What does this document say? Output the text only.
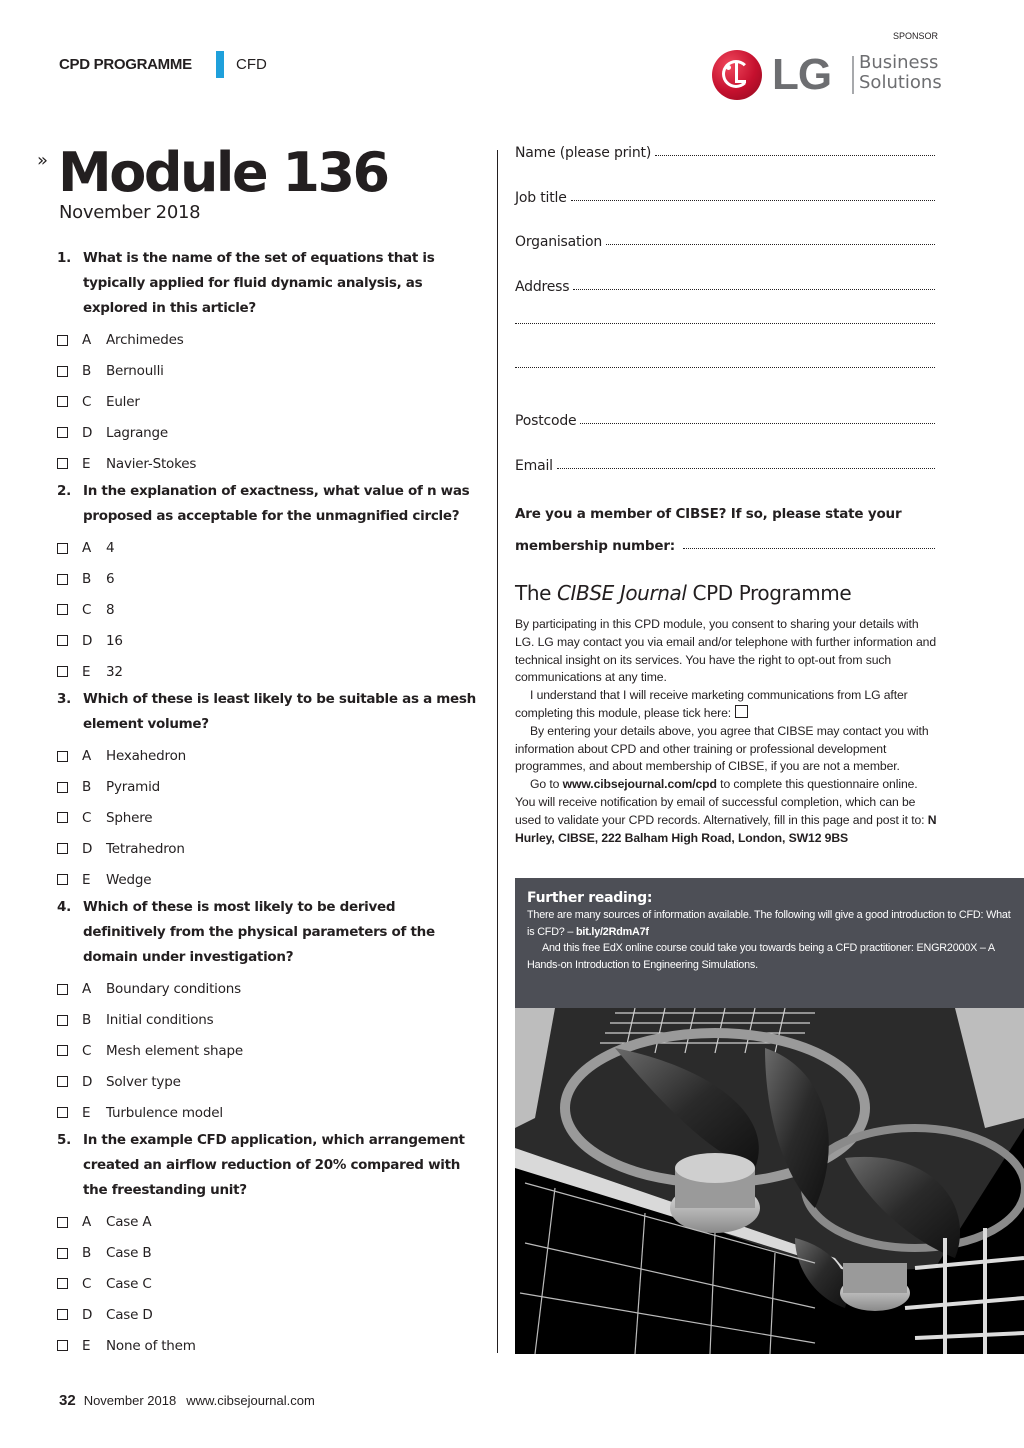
CPD PROGRAMME	CFD
SPONSOR
LG Business
Solutions
» Module 136
November 2018
1. What is the name of the set of equations that is typically applied for fluid dynamic analysis, as explored in this article?
A	Archimedes
B	Bernoulli
C	Euler
D	Lagrange
E	Navier-Stokes
2. In the explanation of exactness, what value of n was proposed as acceptable for the unmagnified circle?
A	4
B	6
C	8
D	16
E	32
3. Which of these is least likely to be suitable as a mesh element volume?
A	Hexahedron
B	Pyramid
C	Sphere
D	Tetrahedron
E	Wedge
4. Which of these is most likely to be derived definitively from the physical parameters of the domain under investigation?
A	Boundary conditions
B	Initial conditions
C	Mesh element shape
D	Solver type
E	Turbulence model
5. In the example CFD application, which arrangement created an airflow reduction of 20% compared with the freestanding unit?
A	Case A
B	Case B
C	Case C
D	Case D
E	None of them
Name (please print)
Job title
Organisation
Address
Postcode
Email
Are you a member of CIBSE? If so, please state your
membership number:
The CIBSE Journal CPD Programme

By participating in this CPD module, you consent to sharing your details with LG. LG may contact you via email and/or telephone with further information and technical insight on its services. You have the right to opt-out from such communications at any time.

I understand that I will receive marketing communications from LG after completing this module, please tick here:

By entering your details above, you agree that CIBSE may contact you with information about CPD and other training or professional development programmes, and about membership of CIBSE, if you are not a member.

Go to www.cibsejournal.com/cpd to complete this questionnaire online. You will receive notification by email of successful completion, which can be used to validate your CPD records. Alternatively, fill in this page and post it to: N Hurley, CIBSE, 222 Balham High Road, London, SW12 9BS

Further reading:

There are many sources of information available. The following will give a good introduction to CFD: What is CFD? – bit.ly/2RdmA7f

And this free EdX online course could take you towards being a CFD practitioner: ENGR2000X – A Hands-on Introduction to Engineering Simulations.

32 November 2018 www.cibsejournal.com
